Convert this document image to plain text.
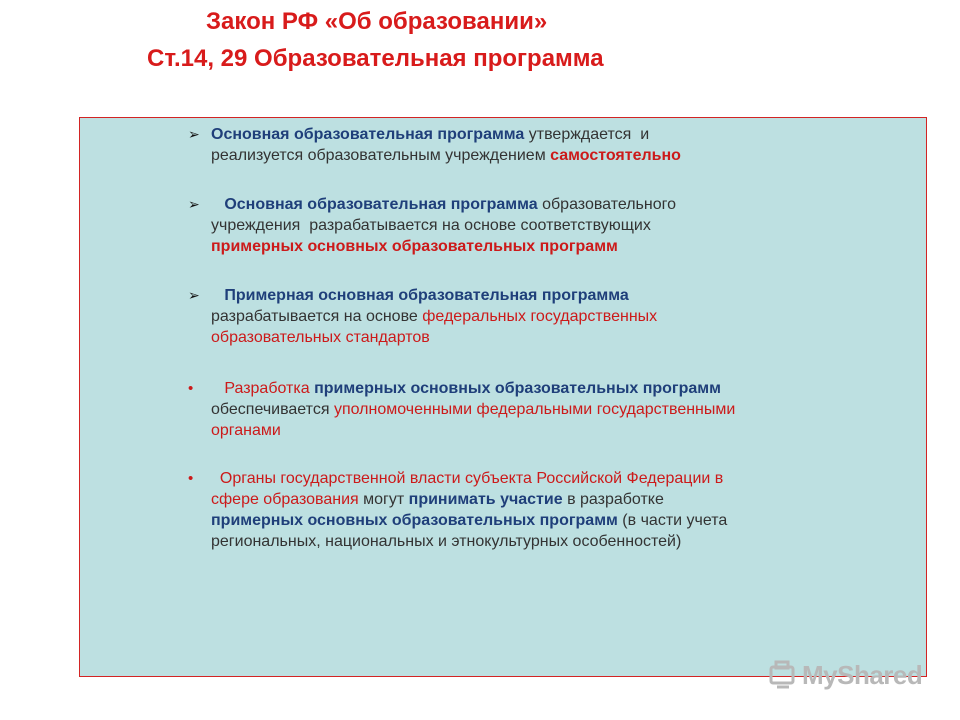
Закон РФ «Об образовании»
Ст.14, 29 Образовательная программа
➢ Основная образовательная программа утверждается  и
реализуется образовательным учреждением самостоятельно
➢ Основная образовательная программа образовательного
учреждения  разрабатывается на основе соответствующих
примерных основных образовательных программ
➢ Примерная основная образовательная программа
разрабатывается на основе федеральных государственных
образовательных стандартов
•	Разработка примерных основных образовательных программ
обеспечивается уполномоченными федеральными государственными
органами
•	Органы государственной власти субъекта Российской Федерации в
сфере образования могут принимать участие в разработке
примерных основных образовательных программ (в части учета
региональных, национальных и этнокультурных особенностей)
MyShared
